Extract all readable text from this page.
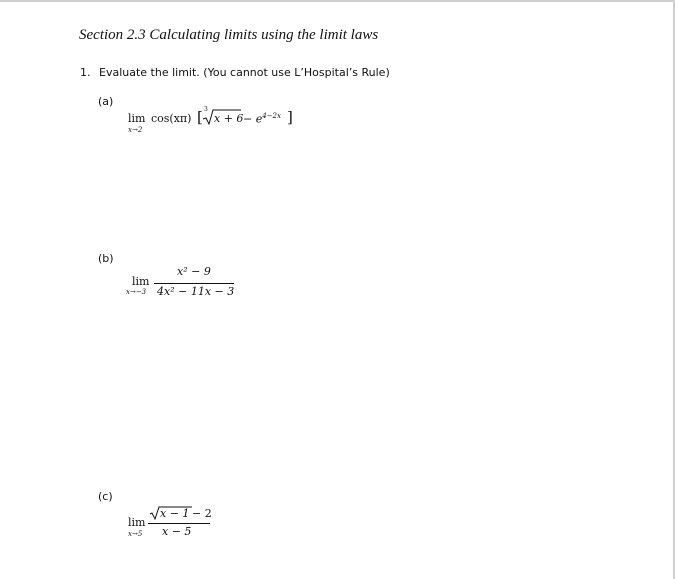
Section 2.3 Calculating limits using the limit laws
1. Evaluate the limit. (You cannot use L’Hospital’s Rule)
(a)
lim
x→2
cos(xπ) [ 3
$x + 6 - e^{4-2x}$ ]
(b)
lim
x→−3
x² − 9
4x² − 11x − 3
(c)
lim
x→5
x − 1 − 2
x − 5
